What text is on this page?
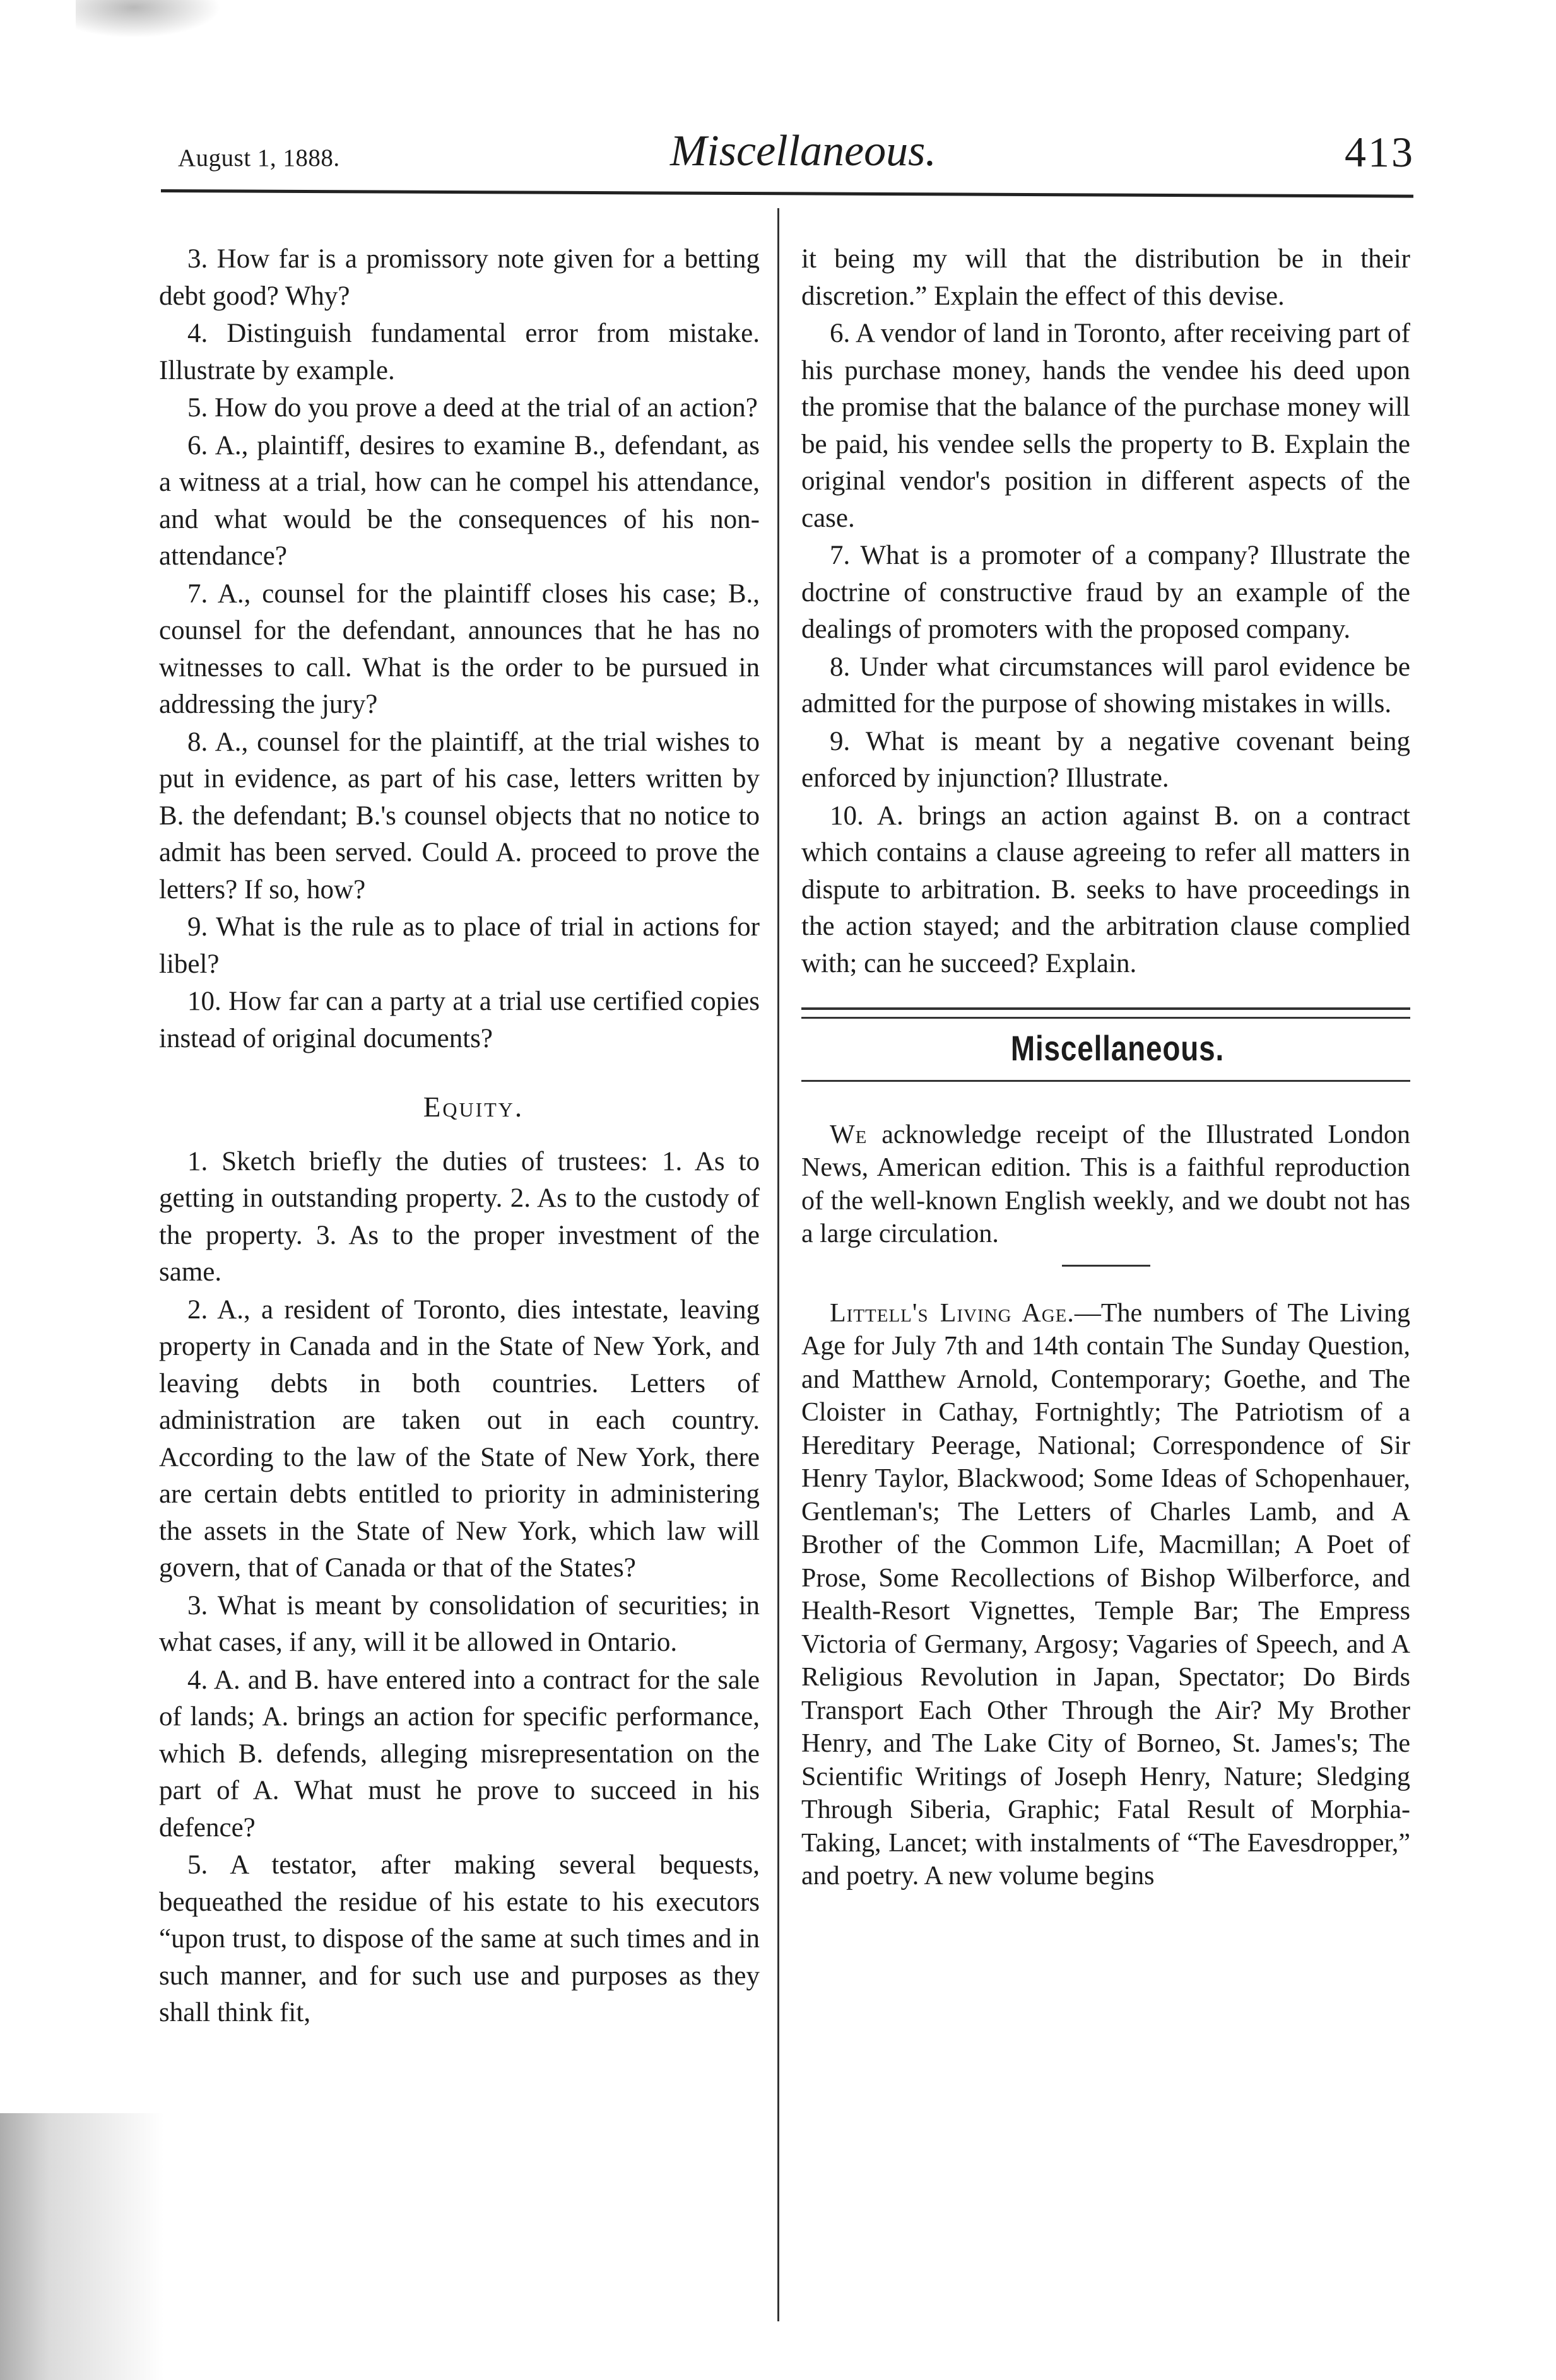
August 1, 1888.	Miscellaneous.	413

3. How far is a promissory note given for a betting debt good? Why?

4. Distinguish fundamental error from mistake. Illustrate by example.

5. How do you prove a deed at the trial of an action?

6. A., plaintiff, desires to examine B., defendant, as a witness at a trial, how can he compel his attendance, and what would be the consequences of his non-attendance?

7. A., counsel for the plaintiff closes his case; B., counsel for the defendant, announces that he has no witnesses to call. What is the order to be pursued in addressing the jury?

8. A., counsel for the plaintiff, at the trial wishes to put in evidence, as part of his case, letters written by B. the defendant; B.'s counsel objects that no notice to admit has been served. Could A. proceed to prove the letters? If so, how?

9. What is the rule as to place of trial in actions for libel?

10. How far can a party at a trial use certified copies instead of original documents?

Equity.

1. Sketch briefly the duties of trustees: 1. As to getting in outstanding property. 2. As to the custody of the property. 3. As to the proper investment of the same.

2. A., a resident of Toronto, dies intestate, leaving property in Canada and in the State of New York, and leaving debts in both countries. Letters of administration are taken out in each country. According to the law of the State of New York, there are certain debts entitled to priority in administering the assets in the State of New York, which law will govern, that of Canada or that of the States?

3. What is meant by consolidation of securities; in what cases, if any, will it be allowed in Ontario.

4. A. and B. have entered into a contract for the sale of lands; A. brings an action for specific performance, which B. defends, alleging misrepresentation on the part of A. What must he prove to succeed in his defence?

5. A testator, after making several bequests, bequeathed the residue of his estate to his executors “upon trust, to dispose of the same at such times and in such manner, and for such use and purposes as they shall think fit,

it being my will that the distribution be in their discretion.” Explain the effect of this devise.

6. A vendor of land in Toronto, after receiving part of his purchase money, hands the vendee his deed upon the promise that the balance of the purchase money will be paid, his vendee sells the property to B. Explain the original vendor's position in different aspects of the case.

7. What is a promoter of a company? Illustrate the doctrine of constructive fraud by an example of the dealings of promoters with the proposed company.

8. Under what circumstances will parol evidence be admitted for the purpose of showing mistakes in wills.

9. What is meant by a negative covenant being enforced by injunction? Illustrate.

10. A. brings an action against B. on a contract which contains a clause agreeing to refer all matters in dispute to arbitration. B. seeks to have proceedings in the action stayed; and the arbitration clause complied with; can he succeed? Explain.

Miscellaneous.

We acknowledge receipt of the Illustrated London News, American edition. This is a faithful reproduction of the well-known English weekly, and we doubt not has a large circulation.

Littell's Living Age.—The numbers of The Living Age for July 7th and 14th contain The Sunday Question, and Matthew Arnold, Contemporary; Goethe, and The Cloister in Cathay, Fortnightly; The Patriotism of a Hereditary Peerage, National; Correspondence of Sir Henry Taylor, Blackwood; Some Ideas of Schopenhauer, Gentleman's; The Letters of Charles Lamb, and A Brother of the Common Life, Macmillan; A Poet of Prose, Some Recollections of Bishop Wilberforce, and Health-Resort Vignettes, Temple Bar; The Empress Victoria of Germany, Argosy; Vagaries of Speech, and A Religious Revolution in Japan, Spectator; Do Birds Transport Each Other Through the Air? My Brother Henry, and The Lake City of Borneo, St. James's; The Scientific Writings of Joseph Henry, Nature; Sledging Through Siberia, Graphic; Fatal Result of Morphia-Taking, Lancet; with instalments of “The Eavesdropper,” and poetry. A new volume begins
